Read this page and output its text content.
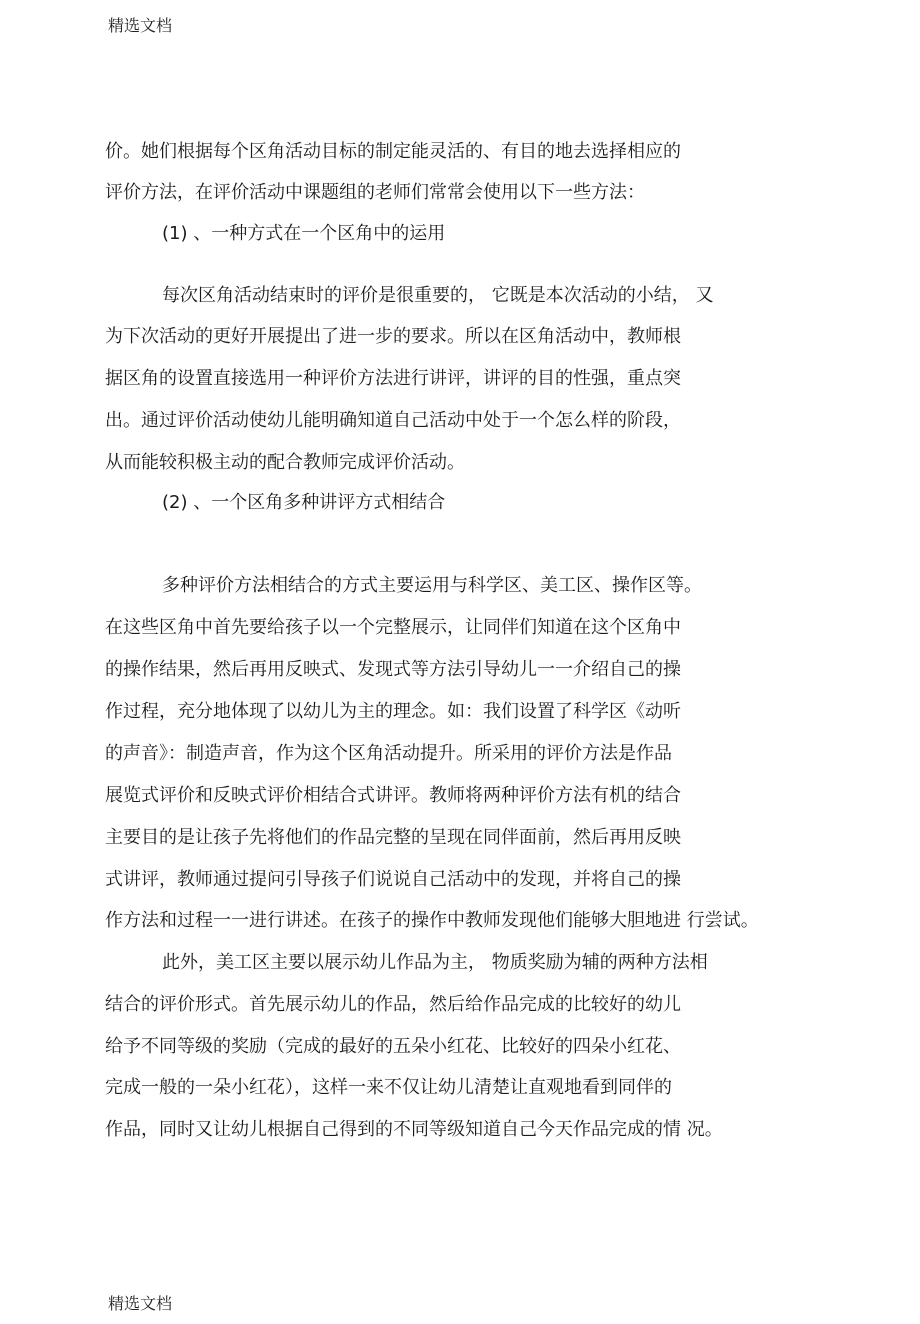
精选文档
价。她们根据每个区角活动目标的制定能灵活的、有目的地去选择相应的
评价方法，在评价活动中课题组的老师们常常会使用以下一些方法：
(1) 、一种方式在一个区角中的运用
每次区角活动结束时的评价是很重要的， 它既是本次活动的小结， 又
为下次活动的更好开展提出了进一步的要求。所以在区角活动中，教师根
据区角的设置直接选用一种评价方法进行讲评，讲评的目的性强，重点突
出。通过评价活动使幼儿能明确知道自己活动中处于一个怎么样的阶段，
从而能较积极主动的配合教师完成评价活动。
(2) 、一个区角多种讲评方式相结合
多种评价方法相结合的方式主要运用与科学区、美工区、操作区等。
在这些区角中首先要给孩子以一个完整展示，让同伴们知道在这个区角中
的操作结果，然后再用反映式、发现式等方法引导幼儿一一介绍自己的操
作过程，充分地体现了以幼儿为主的理念。如：我们设置了科学区《动听
的声音》：制造声音，作为这个区角活动提升。所采用的评价方法是作品
展览式评价和反映式评价相结合式讲评。教师将两种评价方法有机的结合
主要目的是让孩子先将他们的作品完整的呈现在同伴面前，然后再用反映
式讲评，教师通过提问引导孩子们说说自己活动中的发现，并将自己的操
作方法和过程一一进行讲述。在孩子的操作中教师发现他们能够大胆地进 行尝试。
此外，美工区主要以展示幼儿作品为主， 物质奖励为辅的两种方法相
结合的评价形式。首先展示幼儿的作品，然后给作品完成的比较好的幼儿
给予不同等级的奖励（完成的最好的五朵小红花、比较好的四朵小红花、
完成一般的一朵小红花），这样一来不仅让幼儿清楚让直观地看到同伴的
作品，同时又让幼儿根据自己得到的不同等级知道自己今天作品完成的情 况。
精选文档
